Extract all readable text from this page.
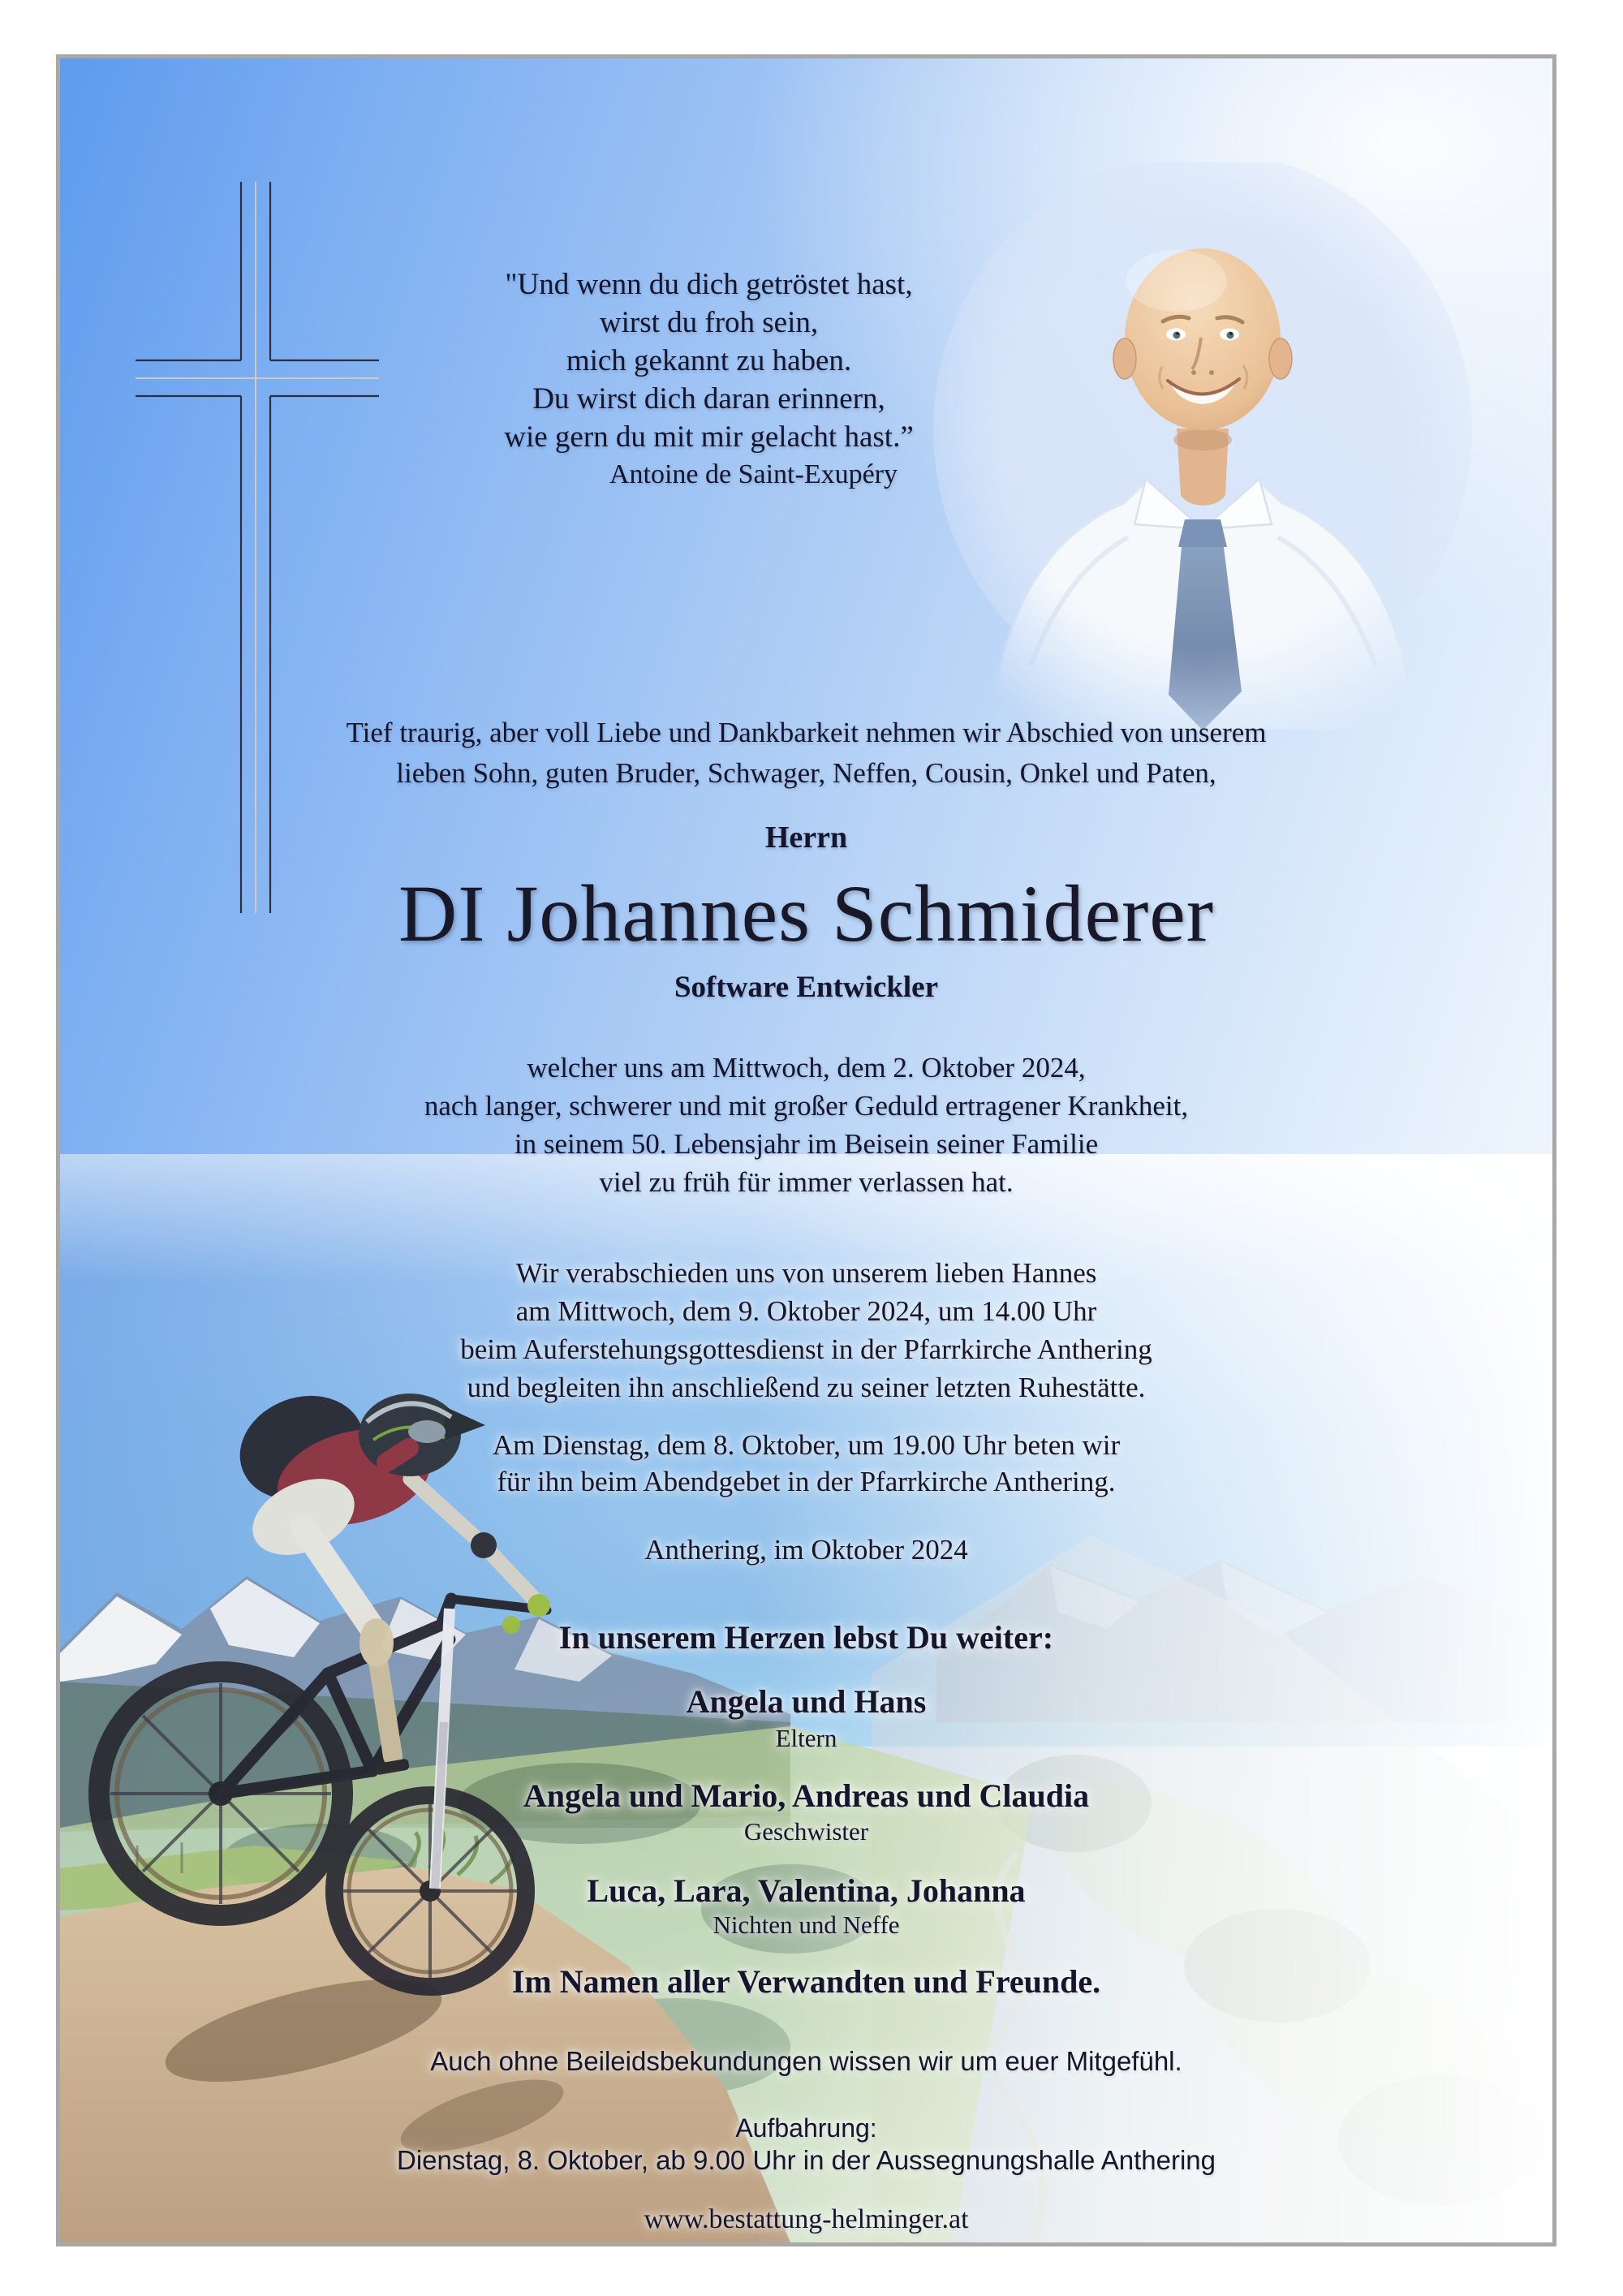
"Und wenn du dich getröstet hast,
wirst du froh sein,
mich gekannt zu haben.
Du wirst dich daran erinnern,
wie gern du mit mir gelacht hast.”
Antoine de Saint-Exupéry
Tief traurig, aber voll Liebe und Dankbarkeit nehmen wir Abschied von unserem
lieben Sohn, guten Bruder, Schwager, Neffen, Cousin, Onkel und Paten,
Herrn
DI Johannes Schmiderer
Software Entwickler
welcher uns am Mittwoch, dem 2. Oktober 2024,
nach langer, schwerer und mit großer Geduld ertragener Krankheit,
in seinem 50. Lebensjahr im Beisein seiner Familie
viel zu früh für immer verlassen hat.
Wir verabschieden uns von unserem lieben Hannes
am Mittwoch, dem 9. Oktober 2024, um 14.00 Uhr
beim Auferstehungsgottesdienst in der Pfarrkirche Anthering
und begleiten ihn anschließend zu seiner letzten Ruhestätte.
Am Dienstag, dem 8. Oktober, um 19.00 Uhr beten wir
für ihn beim Abendgebet in der Pfarrkirche Anthering.
Anthering, im Oktober 2024
In unserem Herzen lebst Du weiter:
Angela und Hans
Eltern
Angela und Mario, Andreas und Claudia
Geschwister
Luca, Lara, Valentina, Johanna
Nichten und Neffe
Im Namen aller Verwandten und Freunde.
Auch ohne Beileidsbekundungen wissen wir um euer Mitgefühl.
Aufbahrung:
Dienstag, 8. Oktober, ab 9.00 Uhr in der Aussegnungshalle Anthering
www.bestattung-helminger.at
